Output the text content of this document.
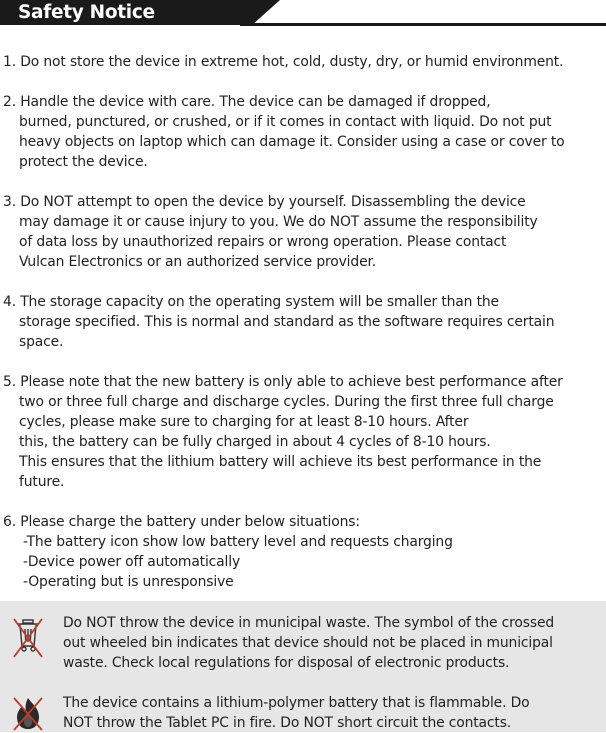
Safety Notice
1. Do not store the device in extreme hot, cold, dusty, dry, or humid environment.
2. Handle the device with care. The device can be damaged if dropped,
burned, punctured, or crushed, or if it comes in contact with liquid. Do not put
heavy objects on laptop which can damage it. Consider using a case or cover to
protect the device.
3. Do NOT attempt to open the device by yourself. Disassembling the device
may damage it or cause injury to you. We do NOT assume the responsibility
of data loss by unauthorized repairs or wrong operation. Please contact
Vulcan Electronics or an authorized service provider.
4. The storage capacity on the operating system will be smaller than the
storage specified. This is normal and standard as the software requires certain
space.
5. Please note that the new battery is only able to achieve best performance after
two or three full charge and discharge cycles. During the first three full charge
cycles, please make sure to charging for at least 8-10 hours. After
this, the battery can be fully charged in about 4 cycles of 8-10 hours.
This ensures that the lithium battery will achieve its best performance in the
future.
6. Please charge the battery under below situations:
-The battery icon show low battery level and requests charging
-Device power off automatically
-Operating but is unresponsive
Do NOT throw the device in municipal waste. The symbol of the crossed
out wheeled bin indicates that device should not be placed in municipal
waste. Check local regulations for disposal of electronic products.
The device contains a lithium-polymer battery that is flammable. Do
NOT throw the Tablet PC in fire. Do NOT short circuit the contacts.
